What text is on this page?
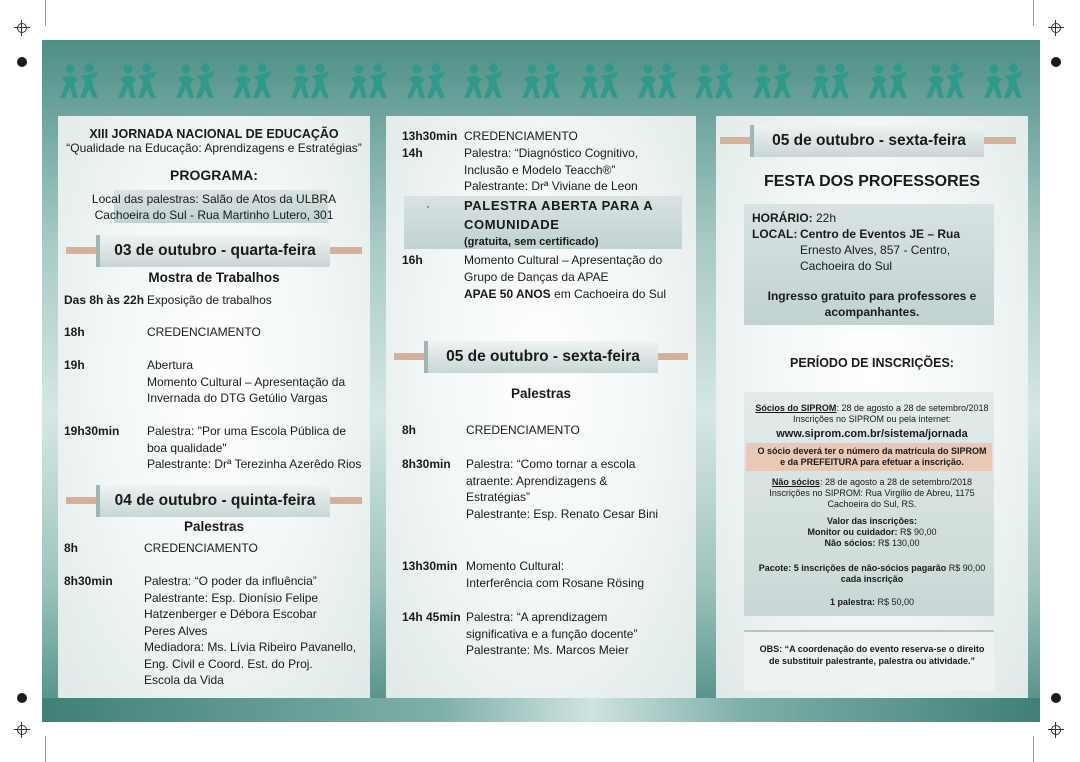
XIII JORNADA NACIONAL DE EDUCAÇÃO
“Qualidade na Educação: Aprendizagens e Estratégias”
PROGRAMA:
Local das palestras: Salão de Atos da ULBRA
Cachoeira do Sul - Rua Martinho Lutero, 301
03 de outubro - quarta-feira
Mostra de Trabalhos
Das 8h às 22h Exposição de trabalhos
18h	CREDENCIAMENTO
19h	Abertura
Momento Cultural – Apresentação da
Invernada do DTG Getúlio Vargas
19h30min Palestra: "Por uma Escola Pública de
boa qualidade"
Palestrante: Drª Terezinha Azerêdo Rios
04 de outubro - quinta-feira
Palestras
8h	CREDENCIAMENTO
8h30min	Palestra: “O poder da influência”
Palestrante: Esp. Dionísio Felipe
Hatzenberger e Débora Escobar
Peres Alves
Mediadora: Ms. Lívia Ribeiro Pavanello,
Eng. Civil e Coord. Est. do Proj.
Escola da Vida
13h30min CREDENCIAMENTO
14h	Palestra: “Diagnóstico Cognitivo,
Inclusão e Modelo Teacch®”
Palestrante: Drª Viviane de Leon
·	PALESTRA ABERTA PARA A
COMUNIDADE
(gratuita, sem certificado)
16h	Momento Cultural – Apresentação do
Grupo de Danças da APAE
APAE 50 ANOS em Cachoeira do Sul
05 de outubro - sexta-feira
Palestras
8h	CREDENCIAMENTO
8h30min Palestra: “Como tornar a escola
atraente: Aprendizagens &
Estratégias”
Palestrante: Esp. Renato Cesar Bini
13h30min Momento Cultural:
Interferência com Rosane Rösing
14h 45min Palestra: “A aprendizagem
significativa e a função docente”
Palestrante: Ms. Marcos Meier
05 de outubro - sexta-feira
FESTA DOS PROFESSORES
HORÁRIO: 22h
LOCAL: Centro de Eventos JE – Rua
Ernesto Alves, 857 - Centro,
Cachoeira do Sul
Ingresso gratuito para professores e
acompanhantes.
PERÍODO DE INSCRIÇÕES:
Sócios do SIPROM: 28 de agosto a 28 de setembro/2018
Inscrições no SIPROM ou pela internet:
www.siprom.com.br/sistema/jornada
O sócio deverá ter o número da matrícula do SIPROM
e da PREFEITURA para efetuar a inscrição.
Não sócios: 28 de agosto a 28 de setembro/2018
Inscrições no SIPROM: Rua Virgílio de Abreu, 1175
Cachoeira do Sul, RS.
Valor das inscrições:
Monitor ou cuidador: R$ 90,00
Não sócios: R$ 130,00
Pacote: 5 inscrições de não-sócios pagarão R$ 90,00
cada inscrição
1 palestra: R$ 50,00
OBS: “A coordenação do evento reserva-se o direito
de substituir palestrante, palestra ou atividade.”
